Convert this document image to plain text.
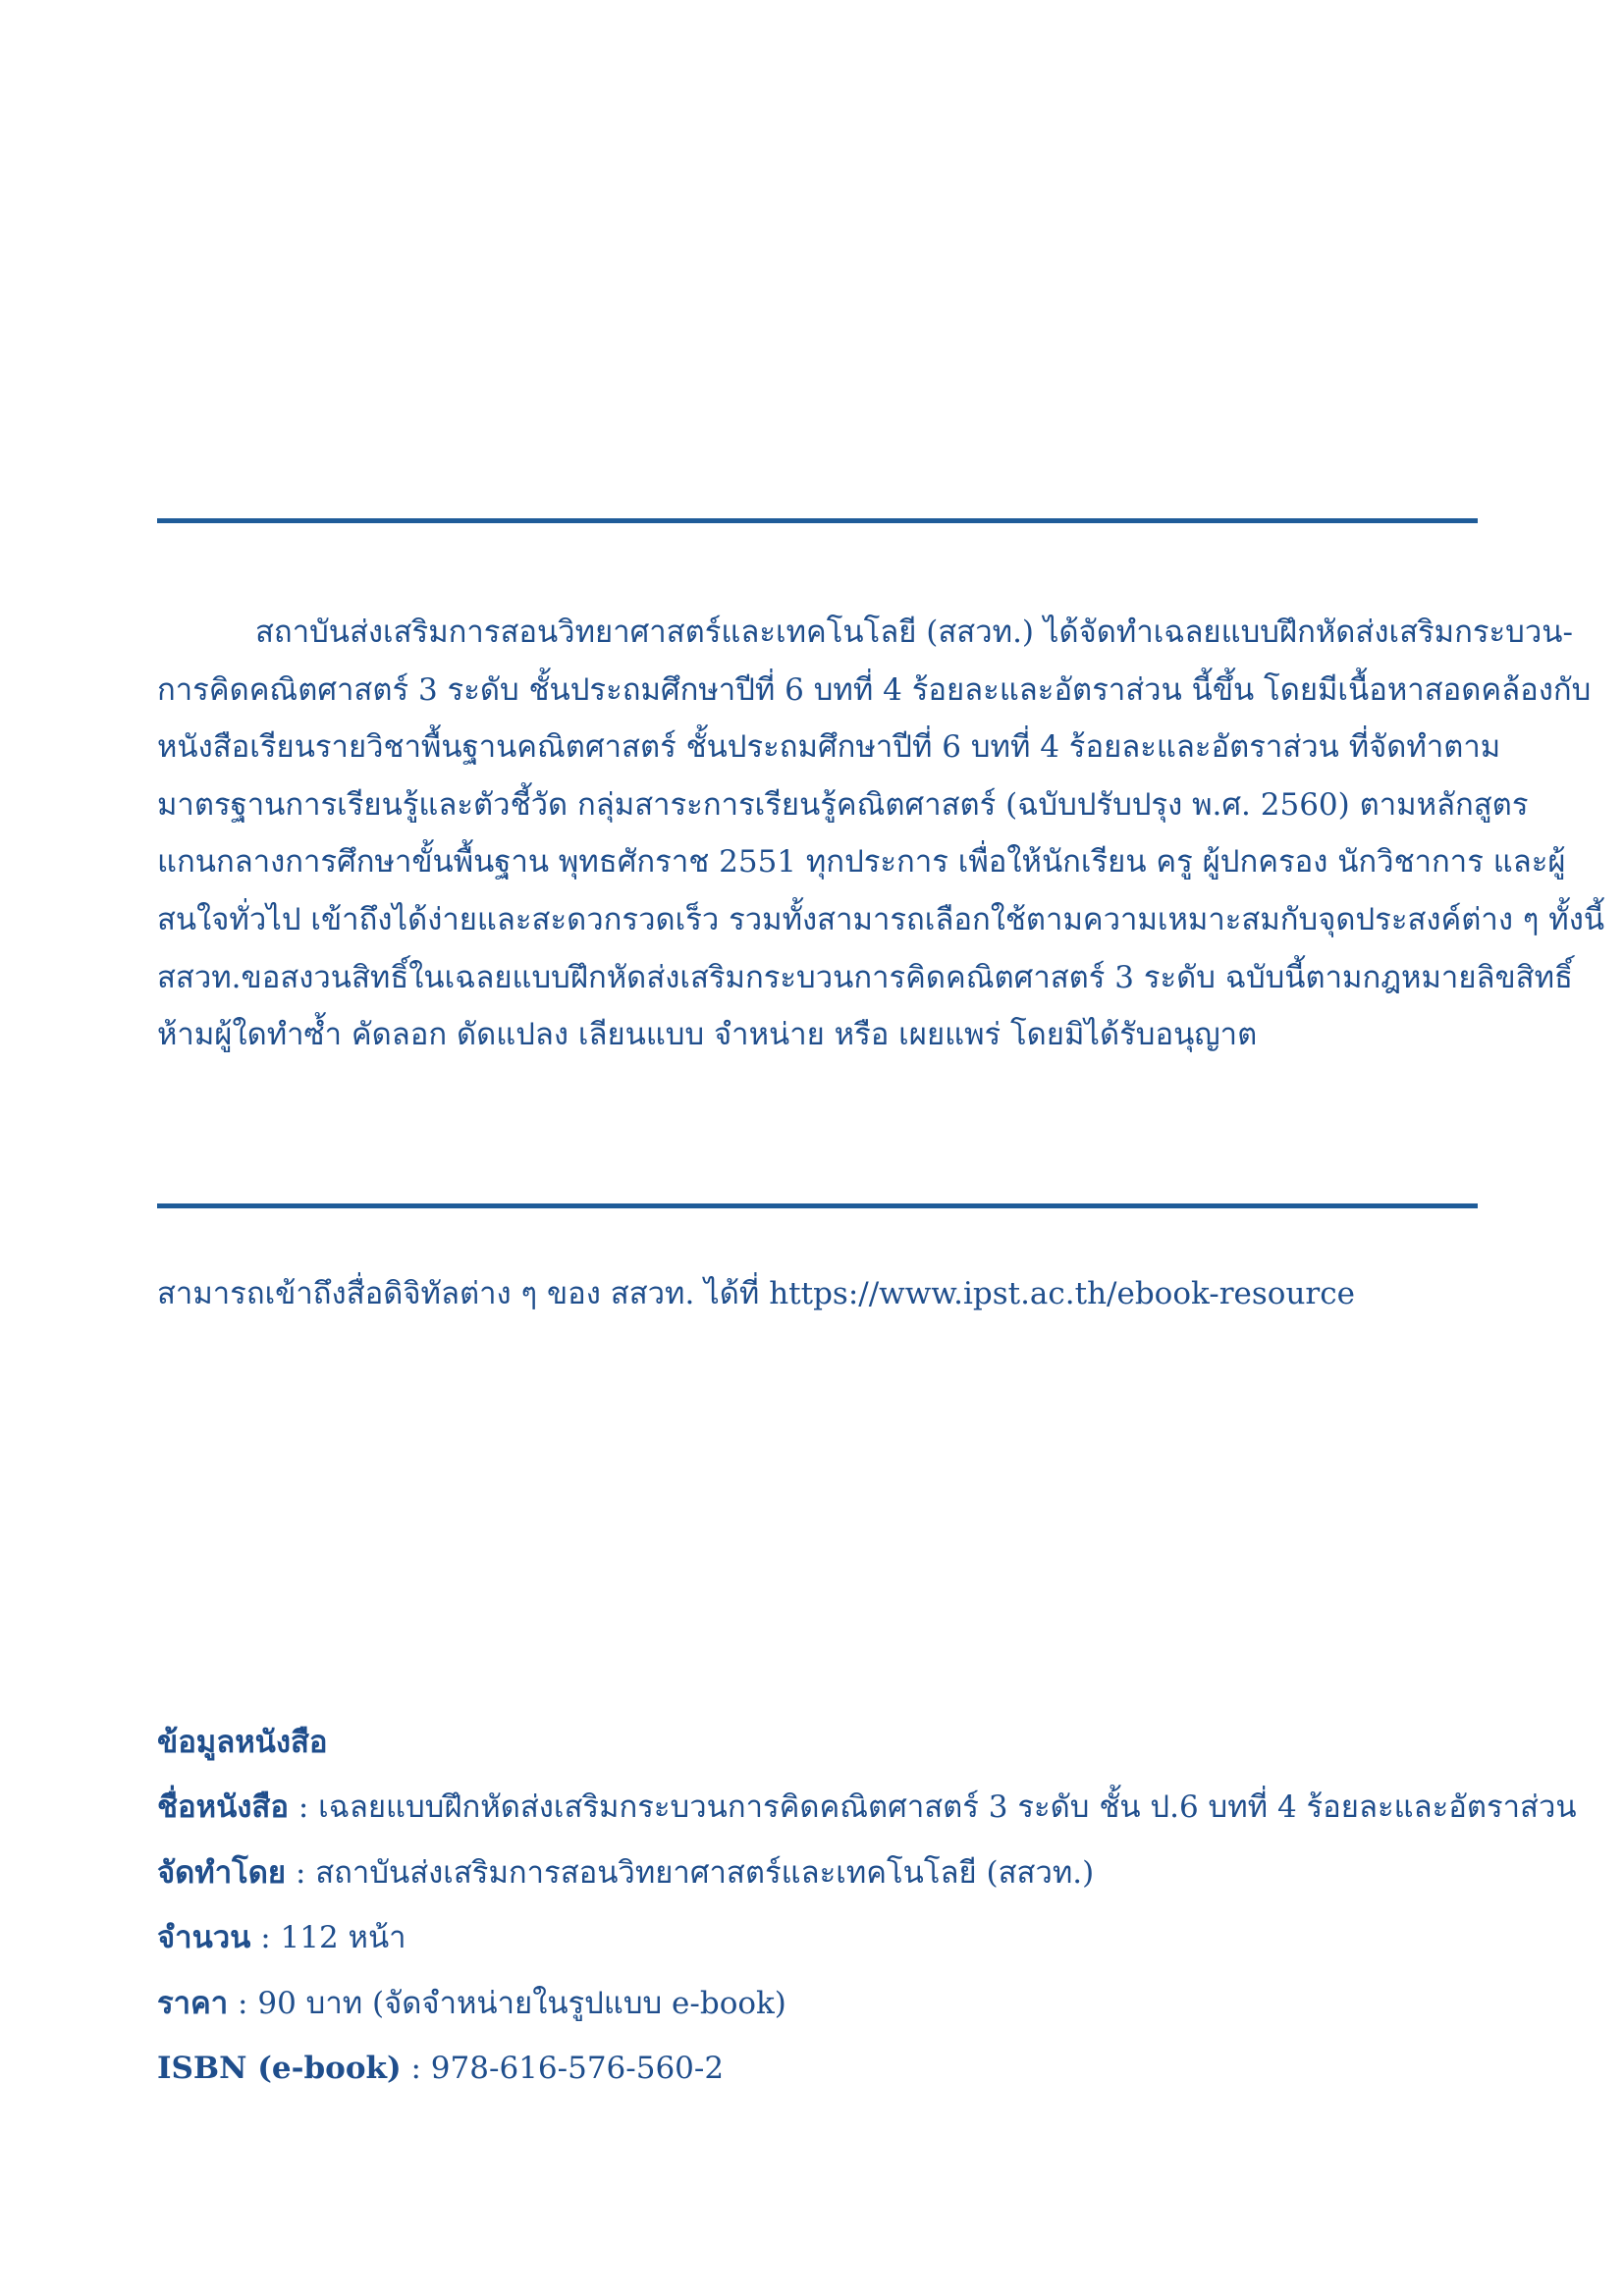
สถาบันส่งเสริมการสอนวิทยาศาสตร์และเทคโนโลยี (สสวท.) ได้จัดทำเฉลยแบบฝึกหัดส่งเสริมกระบวน-
การคิดคณิตศาสตร์ 3 ระดับ ชั้นประถมศึกษาปีที่ 6 บทที่ 4 ร้อยละและอัตราส่วน นี้ขึ้น โดยมีเนื้อหาสอดคล้องกับ
หนังสือเรียนรายวิชาพื้นฐานคณิตศาสตร์ ชั้นประถมศึกษาปีที่ 6 บทที่ 4 ร้อยละและอัตราส่วน ที่จัดทำตาม
มาตรฐานการเรียนรู้และตัวชี้วัด กลุ่มสาระการเรียนรู้คณิตศาสตร์ (ฉบับปรับปรุง พ.ศ. 2560) ตามหลักสูตร
แกนกลางการศึกษาขั้นพื้นฐาน พุทธศักราช 2551 ทุกประการ เพื่อให้นักเรียน ครู ผู้ปกครอง นักวิชาการ และผู้
สนใจทั่วไป เข้าถึงได้ง่ายและสะดวกรวดเร็ว รวมทั้งสามารถเลือกใช้ตามความเหมาะสมกับจุดประสงค์ต่าง ๆ ทั้งนี้
สสวท.ขอสงวนสิทธิ์ในเฉลยแบบฝึกหัดส่งเสริมกระบวนการคิดคณิตศาสตร์ 3 ระดับ ฉบับนี้ตามกฎหมายลิขสิทธิ์
ห้ามผู้ใดทำซ้ำ คัดลอก ดัดแปลง เลียนแบบ จำหน่าย หรือ เผยแพร่ โดยมิได้รับอนุญาต
สามารถเข้าถึงสื่อดิจิทัลต่าง ๆ ของ สสวท. ได้ที่ https://www.ipst.ac.th/ebook-resource
ข้อมูลหนังสือ
ชื่อหนังสือ : เฉลยแบบฝึกหัดส่งเสริมกระบวนการคิดคณิตศาสตร์ 3 ระดับ ชั้น ป.6 บทที่ 4 ร้อยละและอัตราส่วน
จัดทำโดย : สถาบันส่งเสริมการสอนวิทยาศาสตร์และเทคโนโลยี (สสวท.)
จำนวน : 112 หน้า
ราคา : 90 บาท (จัดจำหน่ายในรูปแบบ e-book)
ISBN (e-book) : 978-616-576-560-2
